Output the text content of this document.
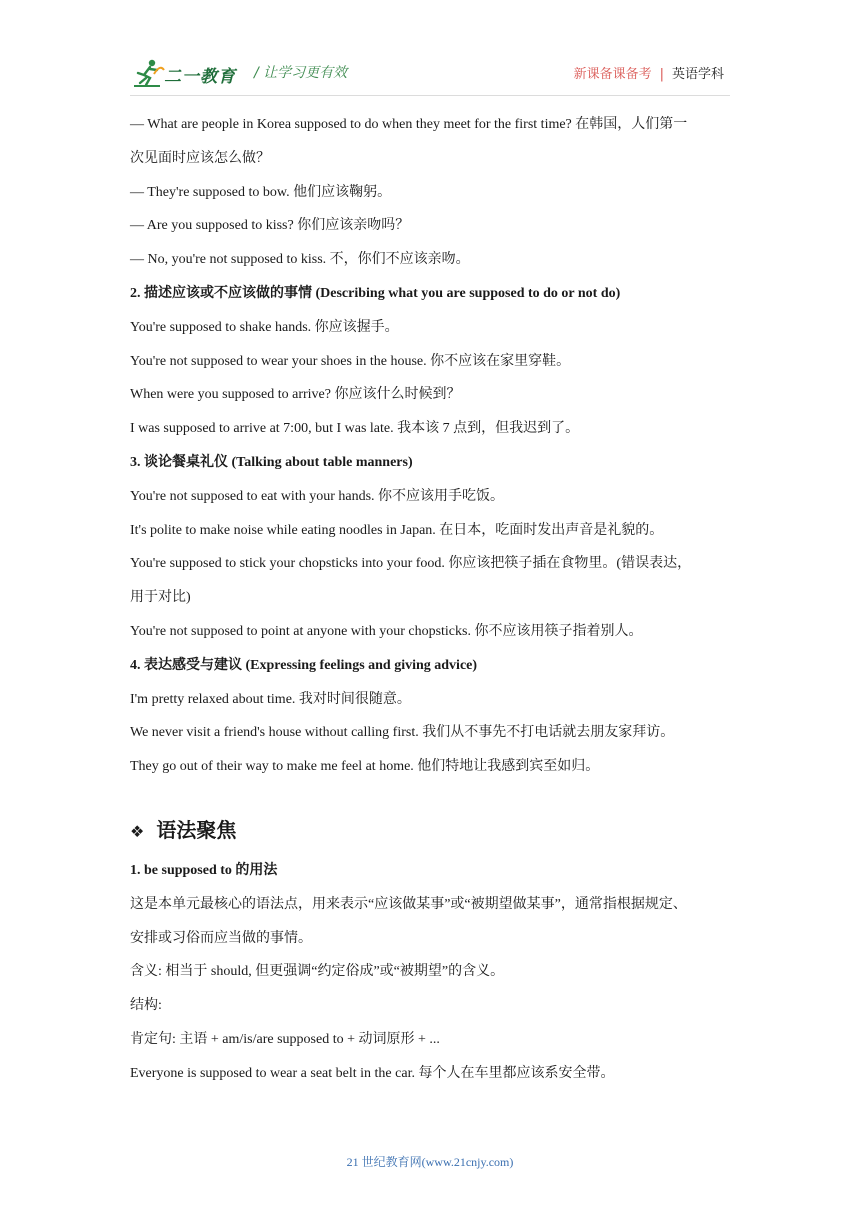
二一教育 / 让学习更有效	新课备课备考 | 英语学科

— What are people in Korea supposed to do when they meet for the first time? 在韩国，人们第一

次见面时应该怎么做？

— They're supposed to bow. 他们应该鞠躬。

— Are you supposed to kiss? 你们应该亲吻吗？

— No, you're not supposed to kiss. 不，你们不应该亲吻。

2. 描述应该或不应该做的事情 (Describing what you are supposed to do or not do)

You're supposed to shake hands. 你应该握手。

You're not supposed to wear your shoes in the house. 你不应该在家里穿鞋。

When were you supposed to arrive? 你应该什么时候到？

I was supposed to arrive at 7:00, but I was late. 我本该 7 点到，但我迟到了。

3. 谈论餐桌礼仪 (Talking about table manners)

You're not supposed to eat with your hands. 你不应该用手吃饭。

It's polite to make noise while eating noodles in Japan. 在日本，吃面时发出声音是礼貌的。

You're supposed to stick your chopsticks into your food. 你应该把筷子插在食物里。(错误表达，

用于对比)

You're not supposed to point at anyone with your chopsticks. 你不应该用筷子指着别人。

4. 表达感受与建议 (Expressing feelings and giving advice)

I'm pretty relaxed about time. 我对时间很随意。

We never visit a friend's house without calling first. 我们从不事先不打电话就去朋友家拜访。

They go out of their way to make me feel at home. 他们特地让我感到宾至如归。

❖ 语法聚焦

1. be supposed to 的用法

这是本单元最核心的语法点，用来表示“应该做某事”或“被期望做某事”，通常指根据规定、

安排或习俗而应当做的事情。

含义: 相当于 should, 但更强调“约定俗成”或“被期望”的含义。

结构:

肯定句: 主语 + am/is/are supposed to + 动词原形 + ...

Everyone is supposed to wear a seat belt in the car. 每个人在车里都应该系安全带。

21 世纪教育网(www.21cnjy.com)
